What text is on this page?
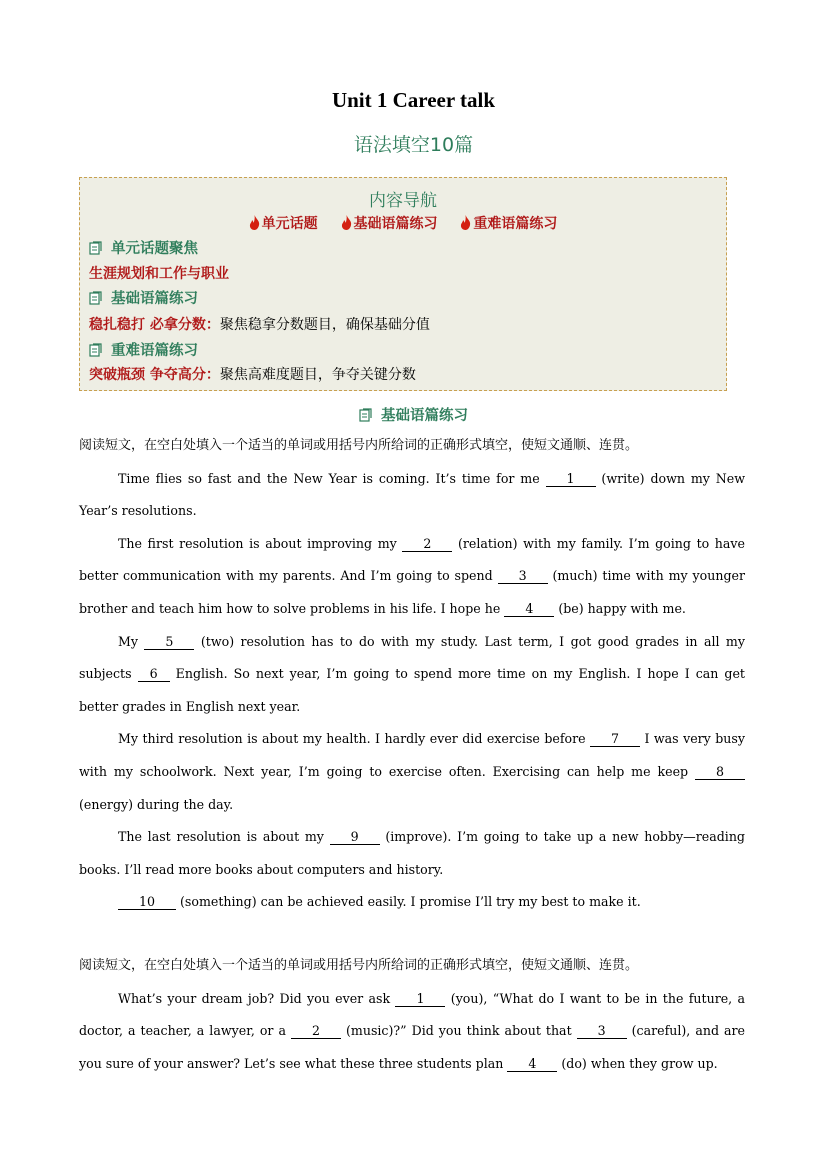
Unit 1 Career talk
语法填空10篇
内容导航
单元话题	基础语篇练习	重难语篇练习
单元话题聚焦
生涯规划和工作与职业
基础语篇练习
稳扎稳打 必拿分数：聚焦稳拿分数题目，确保基础分值
重难语篇练习
突破瓶颈 争夺高分：聚焦高难度题目，争夺关键分数
基础语篇练习

阅读短文，在空白处填入一个适当的单词或用括号内所给词的正确形式填空，使短文通顺、连贯。

Time flies so fast and the New Year is coming. It’s time for me 1 (write) down my New Year’s resolutions.

The first resolution is about improving my 2 (relation) with my family. I’m going to have better communication with my parents. And I’m going to spend 3 (much) time with my younger brother and teach him how to solve problems in his life. I hope he 4 (be) happy with me.

My 5 (two) resolution has to do with my study. Last term, I got good grades in all my subjects 6 English. So next year, I’m going to spend more time on my English. I hope I can get better grades in English next year.

My third resolution is about my health. I hardly ever did exercise before 7 I was very busy with my schoolwork. Next year, I’m going to exercise often. Exercising can help me keep 8 (energy) during the day.

The last resolution is about my 9 (improve). I’m going to take up a new hobby—reading books. I’ll read more books about computers and history.

10 (something) can be achieved easily. I promise I’ll try my best to make it.

阅读短文，在空白处填入一个适当的单词或用括号内所给词的正确形式填空，使短文通顺、连贯。

What’s your dream job? Did you ever ask 1 (you), “What do I want to be in the future, a doctor, a teacher, a lawyer, or a 2 (music)?” Did you think about that 3 (careful), and are you sure of your answer? Let’s see what these three students plan 4 (do) when they grow up.
